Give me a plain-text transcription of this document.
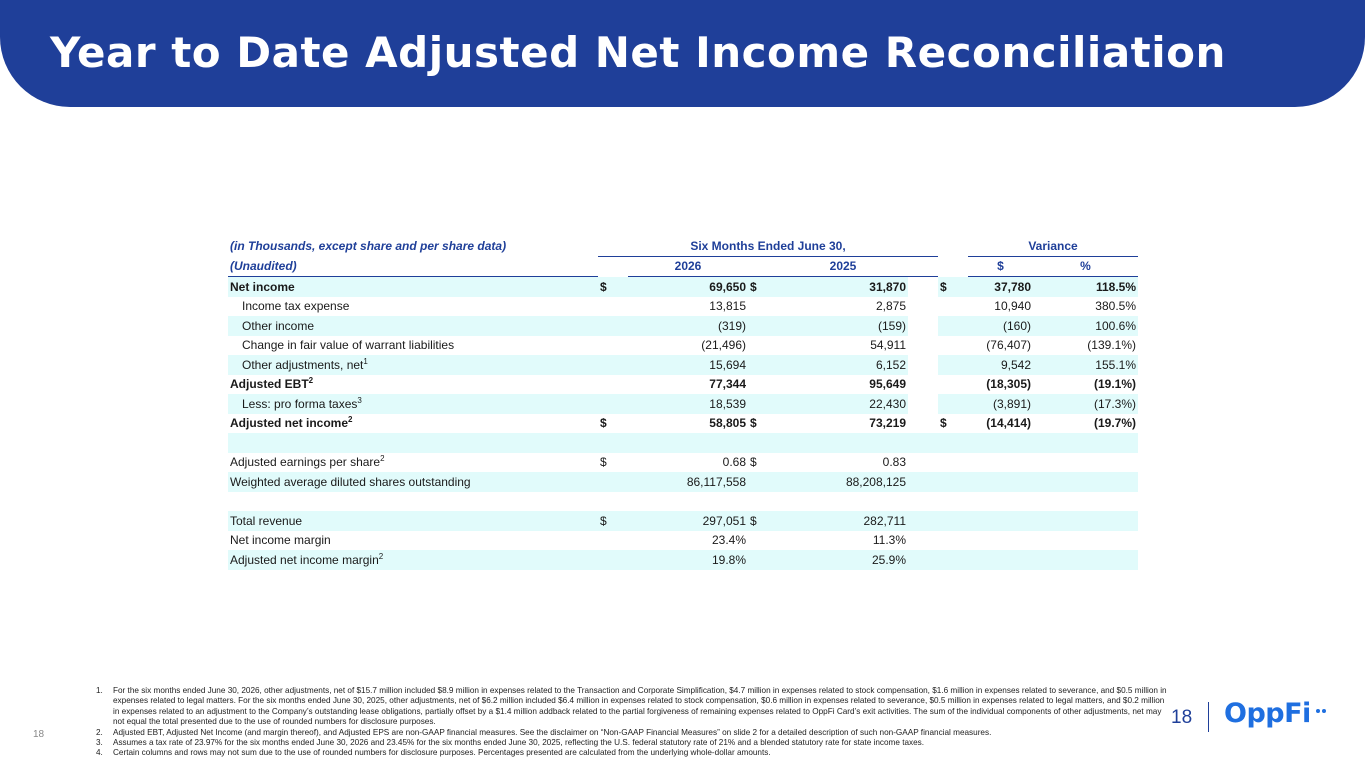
Year to Date Adjusted Net Income Reconciliation
(in Thousands, except share and per share data)	Six Months Ended June 30,						Variance	
(Unaudited)		2026	2025				$	%
Net income	$	69,650	$	31,870		$	37,780	118.5%
Income tax expense		13,815		2,875			10,940	380.5%
Other income		(319)		(159)			(160)	100.6%
Change in fair value of warrant liabilities		(21,496)		54,911			(76,407)	(139.1%)
Other adjustments, net$^1$		15,694		6,152			9,542	155.1%
Adjusted EBT$^2$		77,344		95,649			(18,305)	(19.1%)
Less: pro forma taxes$^3$		18,539		22,430			(3,891)	(17.3%)
Adjusted net income$^2$	$	58,805	$	73,219		$	(14,414)	(19.7%)

Adjusted earnings per share$^2$	$	0.68	$	0.83				
Weighted average diluted shares outstanding		86,117,558		88,208,125				

Total revenue	$	297,051	$	282,711				
Net income margin		23.4%		11.3%				
Adjusted net income margin$^2$		19.8%		25.9%				
1.	For the six months ended June 30, 2026, other adjustments, net of $15.7 million included $8.9 million in expenses related to the Transaction and Corporate Simplification, $4.7 million in expenses related to stock compensation, $1.6 million in expenses related to severance, and $0.5 million in expenses related to legal matters. For the six months ended June 30, 2025, other adjustments, net of $6.2 million included $6.4 million in expenses related to stock compensation, $0.6 million in expenses related to severance, $0.5 million in expenses related to legal matters, and $0.2 million in expenses related to an adjustment to the Company’s outstanding lease obligations, partially offset by a $1.4 million addback related to the partial forgiveness of remaining expenses related to OppFi Card’s exit activities. The sum of the individual components of other adjustments, net may not equal the total presented due to the use of rounded numbers for disclosure purposes.
2.	Adjusted EBT, Adjusted Net Income (and margin thereof), and Adjusted EPS are non-GAAP financial measures. See the disclaimer on “Non-GAAP Financial Measures” on slide 2 for a detailed description of such non-GAAP financial measures.
3.	Assumes a tax rate of 23.97% for the six months ended June 30, 2026 and 23.45% for the six months ended June 30, 2025, reflecting the U.S. federal statutory rate of 21% and a blended statutory rate for state income taxes.
4.	Certain columns and rows may not sum due to the use of rounded numbers for disclosure purposes. Percentages presented are calculated from the underlying whole-dollar amounts.
18
18 OppFi
